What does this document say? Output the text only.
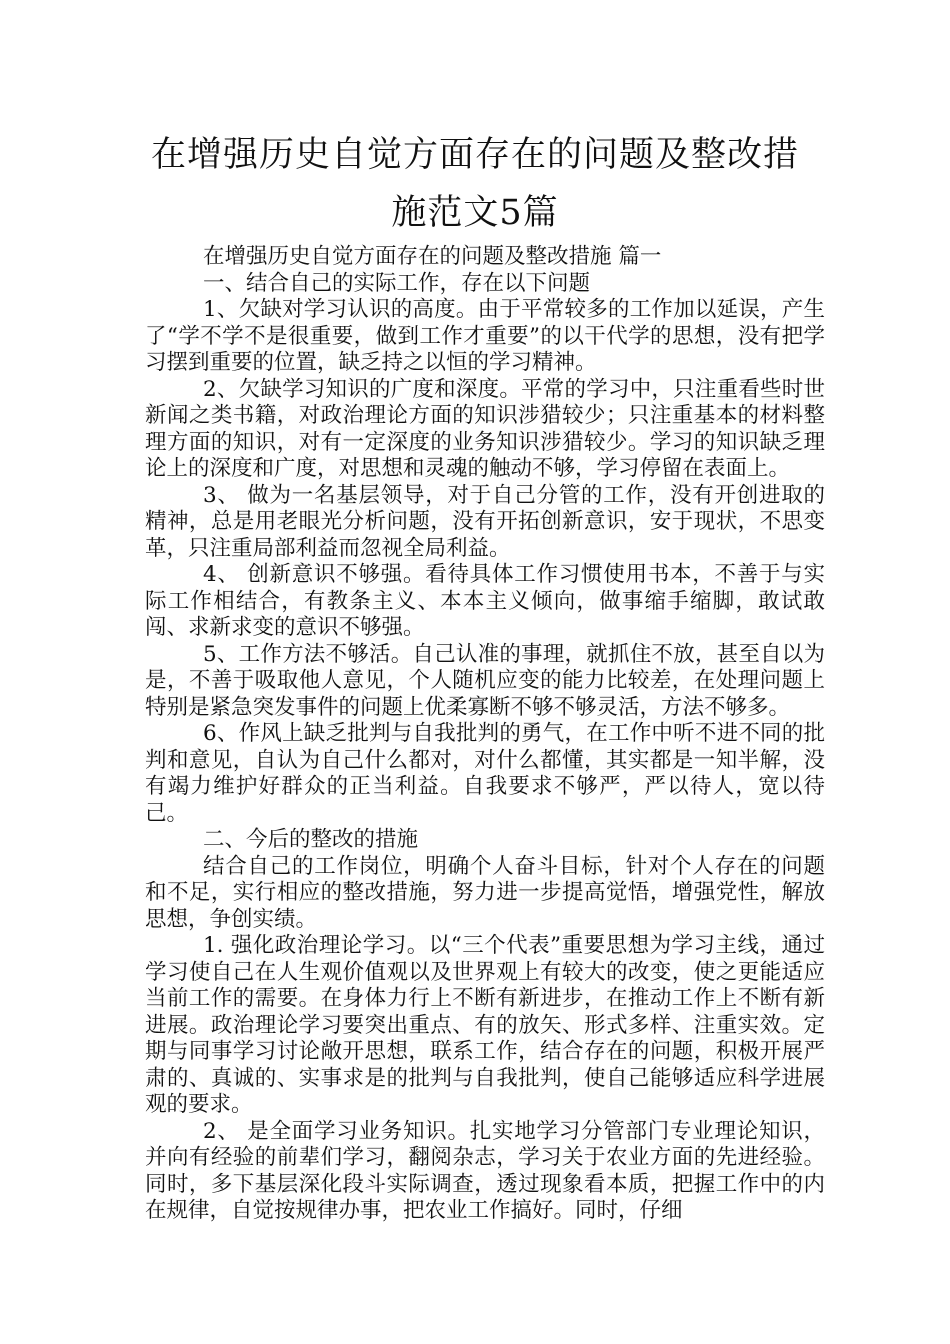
在增强历史自觉方面存在的问题及整改措
施范文5篇

在增强历史自觉方面存在的问题及整改措施 篇一

一、结合自己的实际工作，存在以下问题

1、欠缺对学习认识的高度。由于平常较多的工作加以延误，产生了“学不学不是很重要，做到工作才重要”的以干代学的思想，没有把学习摆到重要的位置，缺乏持之以恒的学习精神。

2、欠缺学习知识的广度和深度。平常的学习中，只注重看些时世新闻之类书籍，对政治理论方面的知识涉猎较少；只注重基本的材料整理方面的知识，对有一定深度的业务知识涉猎较少。学习的知识缺乏理论上的深度和广度，对思想和灵魂的触动不够，学习停留在表面上。

3、 做为一名基层领导，对于自己分管的工作，没有开创进取的精神，总是用老眼光分析问题，没有开拓创新意识，安于现状，不思变革，只注重局部利益而忽视全局利益。

4、 创新意识不够强。看待具体工作习惯使用书本，不善于与实际工作相结合，有教条主义、本本主义倾向，做事缩手缩脚，敢试敢闯、求新求变的意识不够强。

5、工作方法不够活。自己认准的事理，就抓住不放，甚至自以为是，不善于吸取他人意见，个人随机应变的能力比较差，在处理问题上特别是紧急突发事件的问题上优柔寡断不够不够灵活，方法不够多。

6、作风上缺乏批判与自我批判的勇气，在工作中听不进不同的批判和意见，自认为自己什么都对，对什么都懂，其实都是一知半解，没有竭力维护好群众的正当利益。自我要求不够严，严以待人，宽以待己。

二、今后的整改的措施

结合自己的工作岗位，明确个人奋斗目标，针对个人存在的问题和不足，实行相应的整改措施，努力进一步提高觉悟，增强党性，解放思想，争创实绩。

1. 强化政治理论学习。以“三个代表”重要思想为学习主线，通过学习使自己在人生观价值观以及世界观上有较大的改变，使之更能适应当前工作的需要。在身体力行上不断有新进步，在推动工作上不断有新进展。政治理论学习要突出重点、有的放矢、形式多样、注重实效。定期与同事学习讨论敞开思想，联系工作，结合存在的问题，积极开展严肃的、真诚的、实事求是的批判与自我批判，使自己能够适应科学进展观的要求。

2、 是全面学习业务知识。扎实地学习分管部门专业理论知识，并向有经验的前辈们学习，翻阅杂志，学习关于农业方面的先进经验。同时，多下基层深化段斗实际调查，透过现象看本质，把握工作中的内在规律，自觉按规律办事，把农业工作搞好。同时，仔细
